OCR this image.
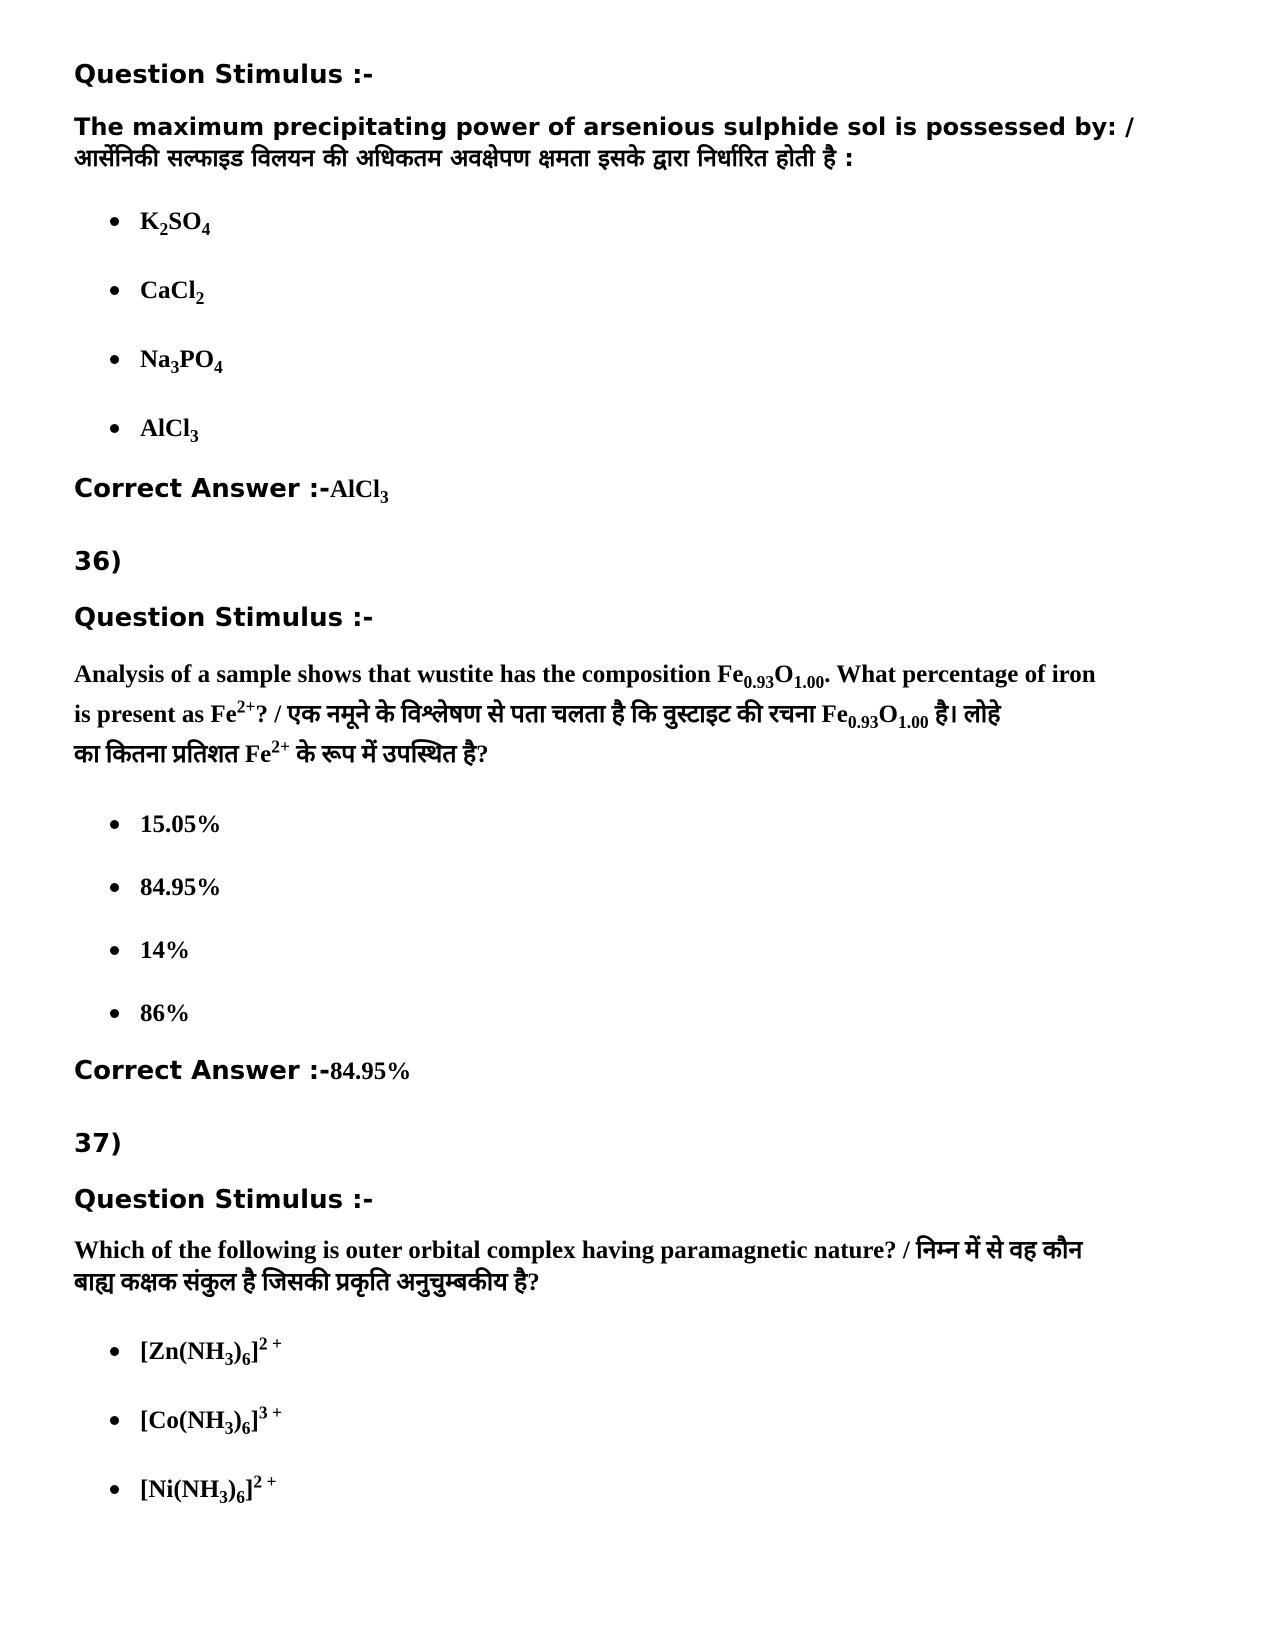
Question Stimulus :-
The maximum precipitating power of arsenious sulphide sol is possessed by: /
आर्सेनिकी सल्फाइड विलयन की अधिकतम अवक्षेपण क्षमता इसके द्वारा निर्धारित होती है :
$K_2SO_4$
CaCl$_2$
$Na_3PO_4$
AlCl$_3$
Correct Answer :-AlCl$_3$
36)
Question Stimulus :-
Analysis of a sample shows that wustite has the composition $Fe_{0.93}O_{1.00}$. What percentage of iron
is present as $Fe^{2+}$? / एक नमूने के विश्लेषण से पता चलता है कि वुस्टाइट की रचना $Fe_{0.93}O_{1.00}$ है। लोहे
का कितना प्रतिशत $Fe^{2+}$ के रूप में उपस्थित है?
15.05%
84.95%
14%
86%
Correct Answer :-84.95%
37)
Question Stimulus :-
Which of the following is outer orbital complex having paramagnetic nature? / निम्न में से वह कौन
बाह्य कक्षक संकुल है जिसकी प्रकृति अनुचुम्बकीय है?
$[Zn(NH_3)_6]^{2 +}$
$[Co(NH_3)_6]^{3 +}$
$[Ni(NH_3)_6]^{2 +}$
